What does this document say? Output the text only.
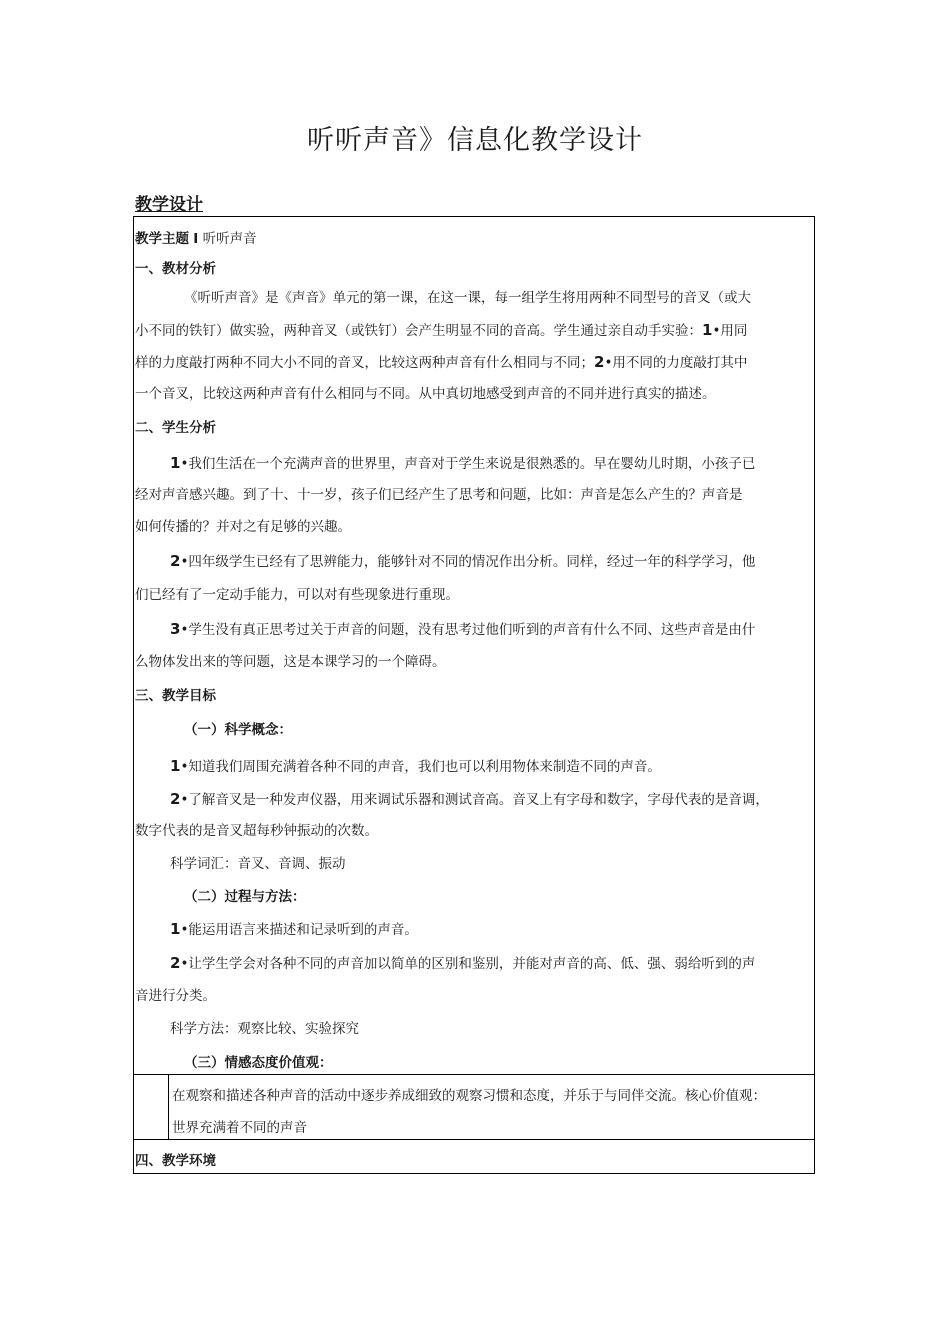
听听声音》信息化教学设计
教学设计
教学主题 I 听听声音
一、教材分析
《听听声音》是《声音》单元的第一课，在这一课，每一组学生将用两种不同型号的音叉（或大
小不同的铁钉）做实验，两种音叉（或铁钉）会产生明显不同的音高。学生通过亲自动手实验：1•用同
样的力度敲打两种不同大小不同的音叉，比较这两种声音有什么相同与不同；2•用不同的力度敲打其中
一个音叉，比较这两种声音有什么相同与不同。从中真切地感受到声音的不同并进行真实的描述。
二、学生分析
1•我们生活在一个充满声音的世界里，声音对于学生来说是很熟悉的。早在婴幼儿时期，小孩子已
经对声音感兴趣。到了十、十一岁，孩子们已经产生了思考和问题，比如：声音是怎么产生的？声音是
如何传播的？并对之有足够的兴趣。
2•四年级学生已经有了思辨能力，能够针对不同的情况作出分析。同样，经过一年的科学学习，他
们已经有了一定动手能力，可以对有些现象进行重现。
3•学生没有真正思考过关于声音的问题，没有思考过他们听到的声音有什么不同、这些声音是由什
么物体发出来的等问题，这是本课学习的一个障碍。
三、教学目标
（一）科学概念：
1•知道我们周围充满着各种不同的声音，我们也可以利用物体来制造不同的声音。
2•了解音叉是一种发声仪器，用来调试乐器和测试音高。音叉上有字母和数字，字母代表的是音调，
数字代表的是音叉超每秒钟振动的次数。
科学词汇：音叉、音调、振动
（二）过程与方法：
1•能运用语言来描述和记录听到的声音。
2•让学生学会对各种不同的声音加以简单的区别和鉴别，并能对声音的高、低、强、弱给听到的声
音进行分类。
科学方法：观察比较、实验探究
（三）情感态度价值观：
在观察和描述各种声音的活动中逐步养成细致的观察习惯和态度，并乐于与同伴交流。核心价值观：
世界充满着不同的声音
四、教学环境
